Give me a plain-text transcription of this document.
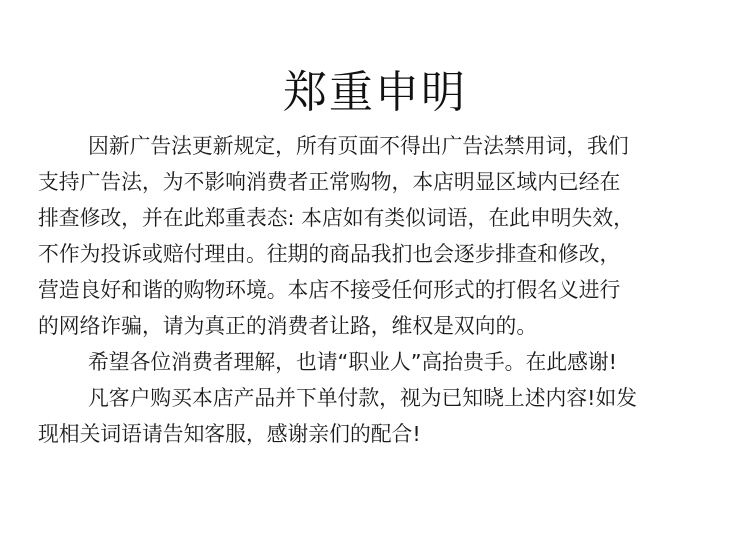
郑重申明
因新广告法更新规定，所有页面不得出广告法禁用词，我们
支持广告法，为不影响消费者正常购物，本店明显区域内已经在
排查修改，并在此郑重表态: 本店如有类似词语，在此申明失效，
不作为投诉或赔付理由。往期的商品我扪也会逐步排查和修改，
营造良好和谐的购物环境。本店不接受任何形式的打假名义进行
的网络诈骗，请为真正的消费者让路，维权是双向的。
希望各位消费者理解，也请“职业人”高抬贵手。在此感谢!
凡客户购买本店产品并下单付款，视为已知晓上述内容!如发
现相关词语请告知客服，感谢亲们的配合!
